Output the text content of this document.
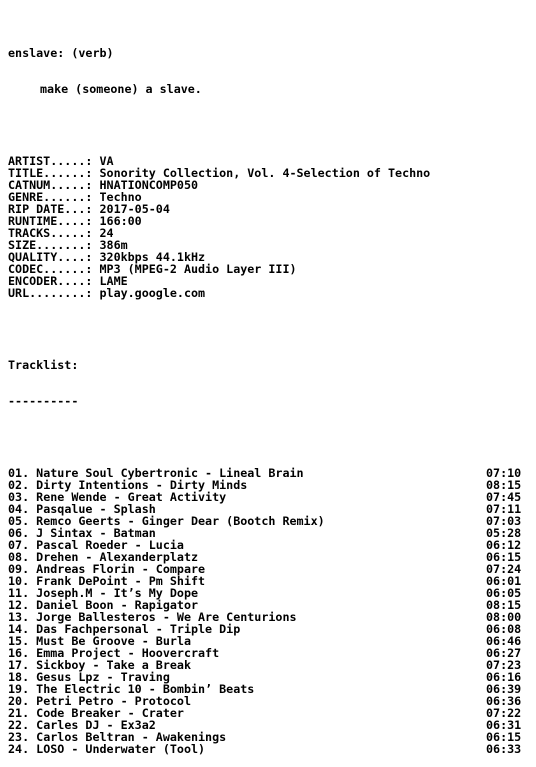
enslave: (verb)

make (someone) a slave.

ARTIST.....: VA
TITLE......: Sonority Collection, Vol. 4-Selection of Techno
CATNUM.....: HNATIONCOMP050
GENRE......: Techno
RIP DATE...: 2017-05-04
RUNTIME....: 166:00
TRACKS.....: 24
SIZE.......: 386m
QUALITY....: 320kbps 44.1kHz
CODEC......: MP3 (MPEG-2 Audio Layer III)
ENCODER....: LAME
URL........: play.google.com

Tracklist:

----------

01. Nature Soul Cybertronic - Lineal Brain	07:10
02. Dirty Intentions - Dirty Minds	08:15
03. Rene Wende - Great Activity	07:45
04. Pasqalue - Splash	07:11
05. Remco Geerts - Ginger Dear (Bootch Remix)	07:03
06. J Sintax - Batman	05:28
07. Pascal Roeder - Lucia	06:12
08. Drehen - Alexanderplatz	06:15
09. Andreas Florin - Compare	07:24
10. Frank DePoint - Pm Shift	06:01
11. Joseph.M - It’s My Dope	06:05
12. Daniel Boon - Rapigator	08:15
13. Jorge Ballesteros - We Are Centurions	08:00
14. Das Fachpersonal - Triple Dip	06:08
15. Must Be Groove - Burla	06:46
16. Emma Project - Hoovercraft	06:27
17. Sickboy - Take a Break	07:23
18. Gesus Lpz - Traving	06:16
19. The Electric 10 - Bombin’ Beats	06:39
20. Petri Petro - Protocol	06:36
21. Code Breaker - Crater	07:22
22. Carles DJ - Ex3a2	06:31
23. Carlos Beltran - Awakenings	06:15
24. LOSO - Underwater (Tool)	06:33
